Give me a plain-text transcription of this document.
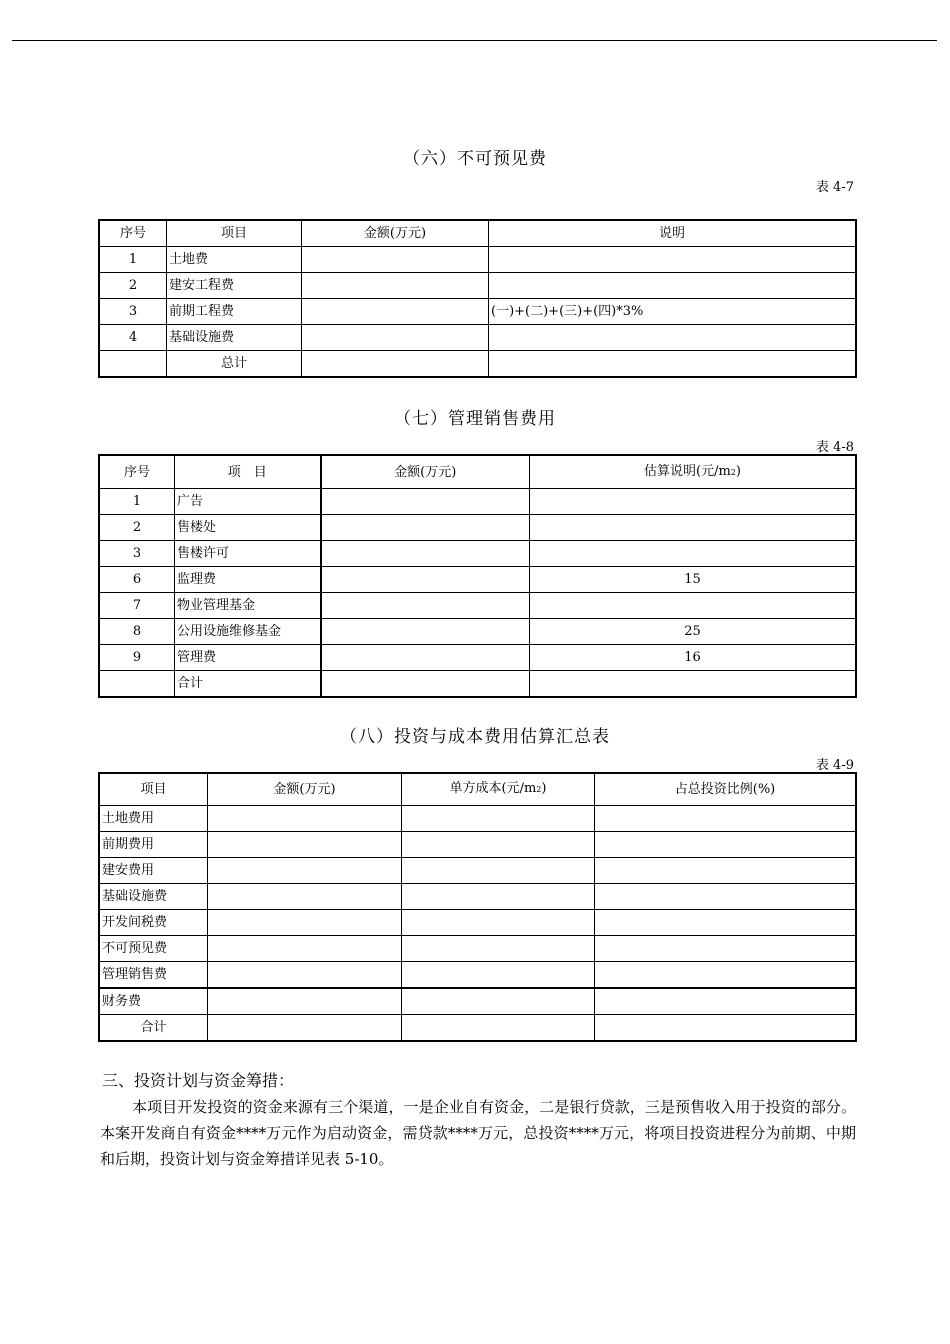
（六）不可预见费
表 4-7
序号	项目	金额(万元)	说明
1	土地费		
2	建安工程费		
3	前期工程费		(一)+(二)+(三)+(四)*3%
4	基础设施费		
	总计		
（七）管理销售费用
表 4-8
序号	项　目	金额(万元)	估算说明(元/m2)
1	广告		
2	售楼处		
3	售楼许可		
6	监理费		15
7	物业管理基金		
8	公用设施维修基金		25
9	管理费		16
	合计		
（八）投资与成本费用估算汇总表
表 4-9
项目	金额(万元)	单方成本(元/m2)	占总投资比例(%)
土地费用			
前期费用			
建安费用			
基础设施费			
开发间税费			
不可预见费			
管理销售费			
财务费			
合计			
三、投资计划与资金筹措：
本项目开发投资的资金来源有三个渠道，一是企业自有资金，二是银行贷款，三是预售收入用于投资的部分。本案开发商自有资金****万元作为启动资金，需贷款****万元，总投资****万元，将项目投资进程分为前期、中期和后期，投资计划与资金筹措详见表 5-10。
